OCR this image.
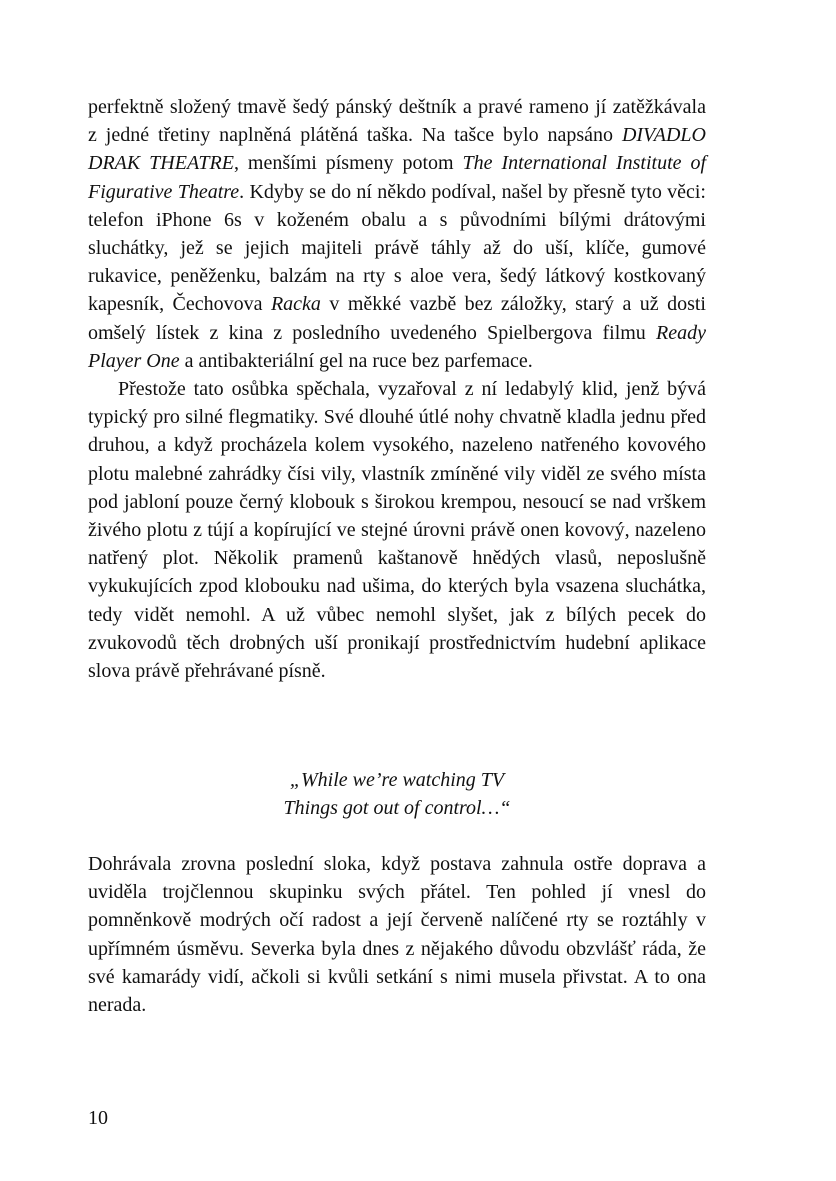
perfektně složený tmavě šedý pánský deštník a pravé rameno jí zatěžkávala z jedné třetiny naplněná plátěná taška. Na tašce bylo napsáno DIVADLO DRAK THEATRE, menšími písmeny potom The International Institute of Figurative Theatre. Kdyby se do ní někdo podíval, našel by přesně tyto věci: telefon iPhone 6s v koženém obalu a s původními bílými drátovými sluchátky, jež se jejich majiteli právě táhly až do uší, klíče, gumové rukavice, peněženku, balzám na rty s aloe vera, šedý látkový kostkovaný kapesník, Čechovova Racka v měkké vazbě bez záložky, starý a už dosti omšelý lístek z kina z posledního uvedeného Spielbergova filmu Ready Player One a antibakteriální gel na ruce bez parfemace.

Přestože tato osůbka spěchala, vyzařoval z ní ledabylý klid, jenž bývá typický pro silné flegmatiky. Své dlouhé útlé nohy chvatně kladla jednu před druhou, a když procházela kolem vysokého, nazeleno natřeného kovového plotu malebné zahrádky čísi vily, vlastník zmíněné vily viděl ze svého místa pod jabloní pouze černý klobouk s širokou krempou, nesoucí se nad vrškem živého plotu z tújí a kopírující ve stejné úrovni právě onen kovový, nazeleno natřený plot. Několik pramenů kaštanově hnědých vlasů, neposlušně vykukujících zpod klobouku nad ušima, do kterých byla vsazena sluchátka, tedy vidět nemohl. A už vůbec nemohl slyšet, jak z bílých pecek do zvukovodů těch drobných uší pronikají prostřednictvím hudební aplikace slova právě přehrávané písně.

„While we’re watching TV
Things got out of control…“

Dohrávala zrovna poslední sloka, když postava zahnula ostře doprava a uviděla trojčlennou skupinku svých přátel. Ten pohled jí vnesl do pomněnkově modrých očí radost a její červeně nalíčené rty se roztáhly v upřímném úsměvu. Severka byla dnes z nějakého důvodu obzvlášť ráda, že své kamarády vidí, ačkoli si kvůli setkání s nimi musela přivstat. A to ona nerada.

10
